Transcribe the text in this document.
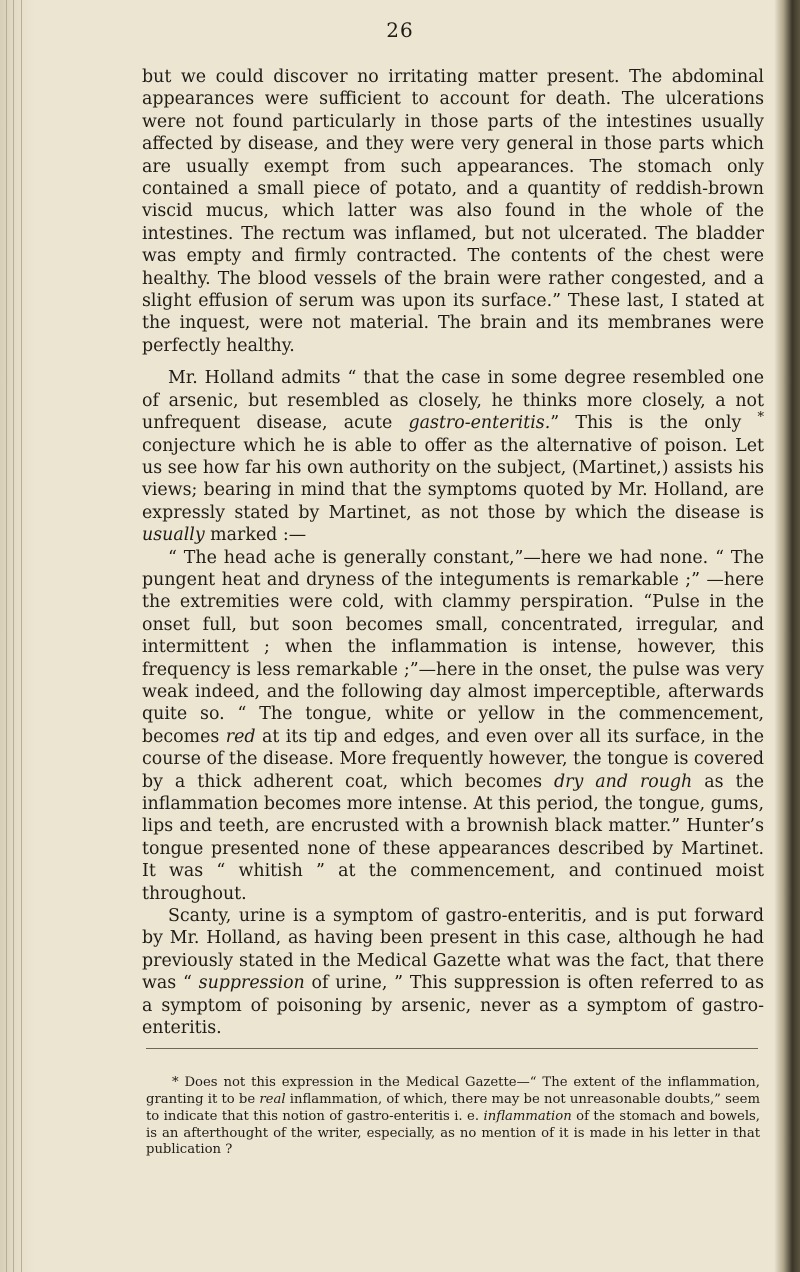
26

but we could discover no irritating matter present. The abdominal appearances were sufficient to account for death. The ulcerations were not found particularly in those parts of the intestines usually affected by disease, and they were very general in those parts which are usually exempt from such appearances. The stomach only contained a small piece of potato, and a quantity of reddish-brown viscid mucus, which latter was also found in the whole of the intestines. The rectum was inflamed, but not ulcerated. The bladder was empty and firmly contracted. The contents of the chest were healthy. The blood vessels of the brain were rather congested, and a slight effusion of serum was upon its surface.” These last, I stated at the inquest, were not material. The brain and its membranes were perfectly healthy.

Mr. Holland admits “ that the case in some degree resembled one of arsenic, but resembled as closely, he thinks more closely, a not unfrequent disease, acute gastro-enteritis.” This is the only * conjecture which he is able to offer as the alternative of poison. Let us see how far his own authority on the subject, (Martinet,) assists his views; bearing in mind that the symptoms quoted by Mr. Holland, are expressly stated by Martinet, as not those by which the disease is usually marked :—

“ The head ache is generally constant,”—here we had none. “ The pungent heat and dryness of the integuments is remarkable ;” —here the extremities were cold, with clammy perspiration. “Pulse in the onset full, but soon becomes small, concentrated, irregular, and intermittent ; when the inflammation is intense, however, this frequency is less remarkable ;”—here in the onset, the pulse was very weak indeed, and the following day almost imperceptible, afterwards quite so. “ The tongue, white or yellow in the commencement, becomes red at its tip and edges, and even over all its surface, in the course of the disease. More frequently however, the tongue is covered by a thick adherent coat, which becomes dry and rough as the inflammation becomes more intense. At this period, the tongue, gums, lips and teeth, are encrusted with a brownish black matter.” Hunter’s tongue presented none of these appearances described by Martinet. It was “ whitish ” at the commencement, and continued moist throughout.

Scanty, urine is a symptom of gastro-enteritis, and is put forward by Mr. Holland, as having been present in this case, although he had previously stated in the Medical Gazette what was the fact, that there was “ suppression of urine, ” This suppression is often referred to as a symptom of poisoning by arsenic, never as a symptom of gastro-enteritis.

* Does not this expression in the Medical Gazette—“ The extent of the inflammation, granting it to be real inflammation, of which, there may be not unreasonable doubts,” seem to indicate that this notion of gastro-enteritis i. e. inflammation of the stomach and bowels, is an afterthought of the writer, especially, as no mention of it is made in his letter in that publication ?
